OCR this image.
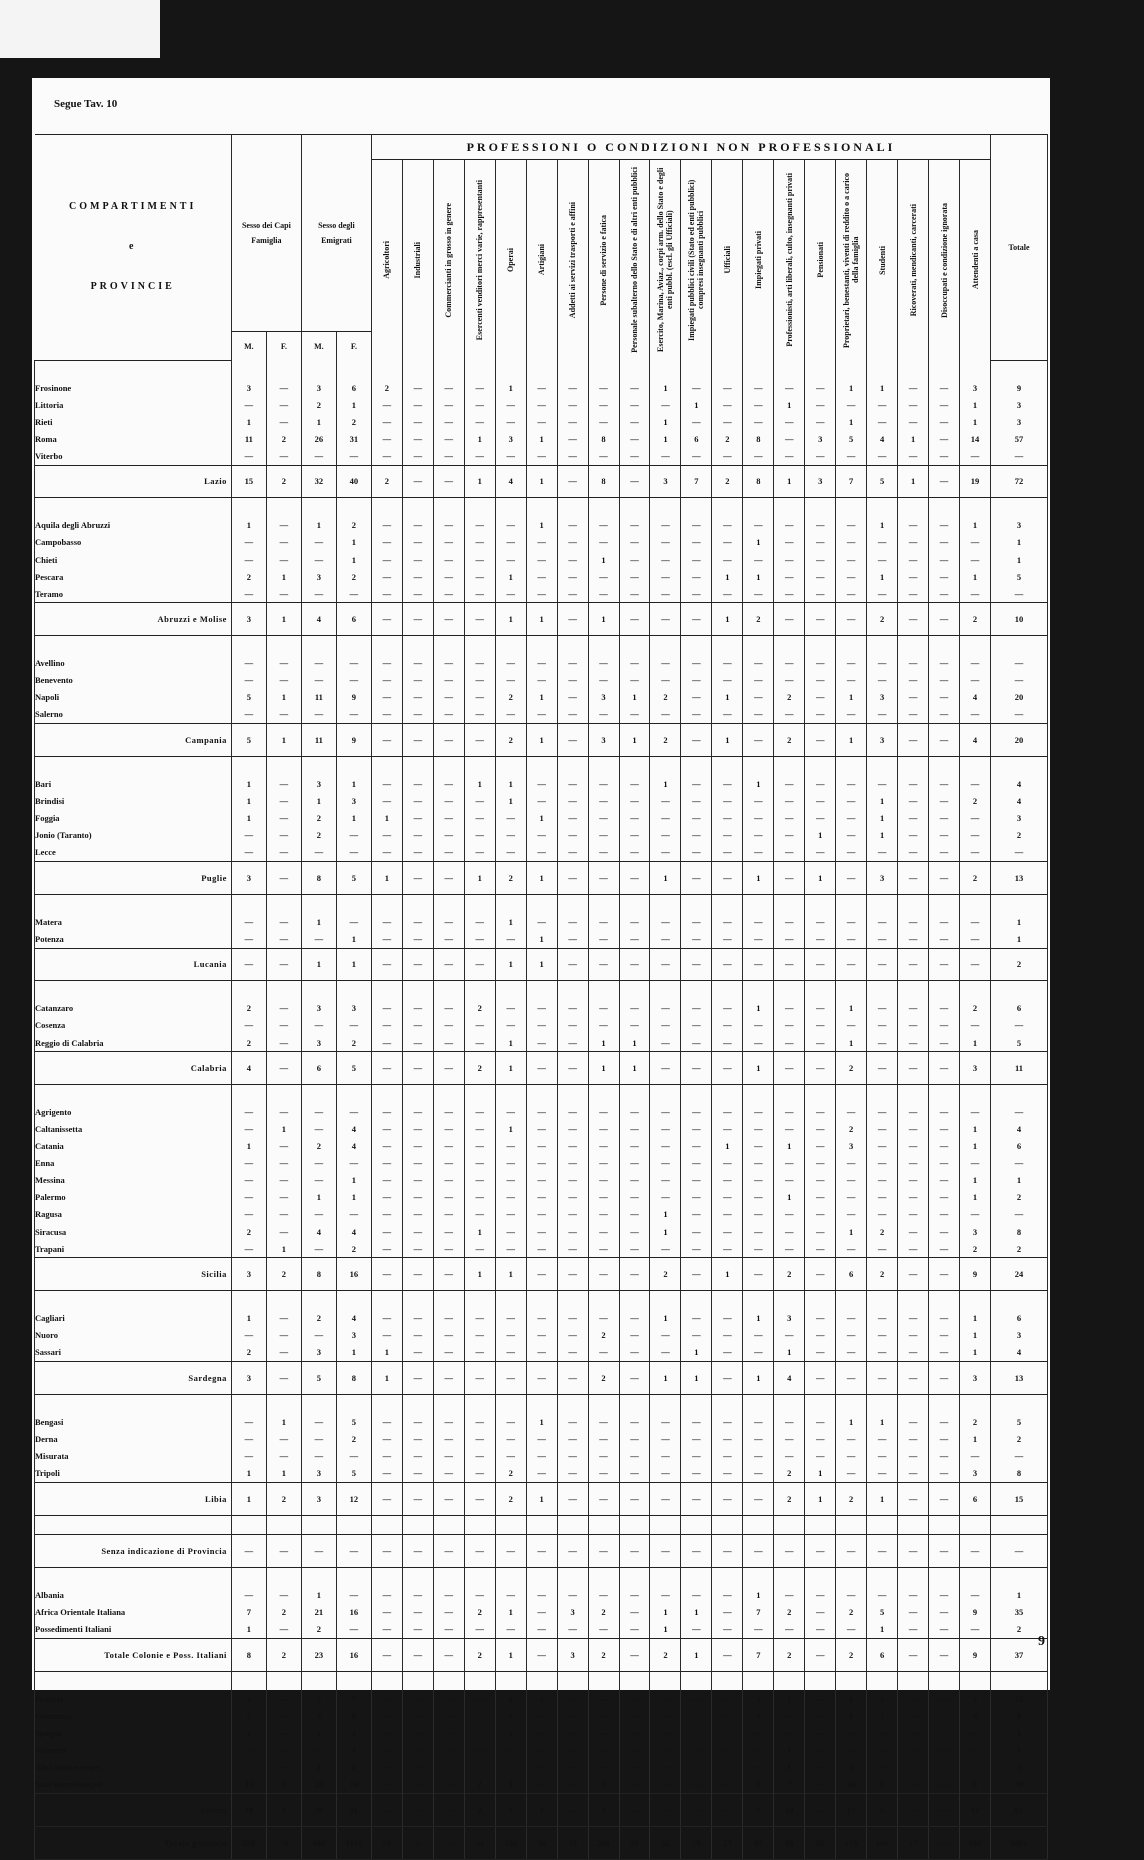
Segue Tav. 10
COMPARTIMENTI
e
PROVINCIE	Sesso dei Capi Famiglia		Sesso degli Emigrati		PROFESSIONI O CONDIZIONI NON PROFESSIONALI																				Totale

					Agricoltori	Industriali	Commercianti in grosso in genere	Esercenti venditori merci varie, rappresentanti	Operai	Artigiani	Addetti ai servizi trasporti e affini	Persone di servizio e fatica	Personale subalterno dello Stato e di altri enti pubblici	Esercito, Marina, Aviaz., corpi arm. dello Stato e degli enti pubbl. (escl. gli Ufficiali)	Impiegati pubblici civili (Stato ed enti pubblici) compresi insegnanti pubblici	Ufficiali	Impiegati privati	Professionisti, arti liberali, culto, insegnanti privati	Pensionati	Proprietari, benestanti, viventi di reddito o a carico della famiglia	Studenti	Ricoverati, mendicanti, carcerati	Disoccupati e condizione ignorata	Attendenti a casa	

	M.	F.	M.	F.																					

Frosinone	3	—	3	6	2	—	—	—	1	—	—	—	—	1	—	—	—	—	—	1	1	—	—	3	9
Littoria	—	—	2	1	—	—	—	—	—	—	—	—	—	—	1	—	—	1	—	—	—	—	—	1	3
Rieti	1	—	1	2	—	—	—	—	—	—	—	—	—	1	—	—	—	—	—	1	—	—	—	1	3
Roma	11	2	26	31	—	—	—	1	3	1	—	8	—	1	6	2	8	—	3	5	4	1	—	14	57
Viterbo	—	—	—	—	—	—	—	—	—	—	—	—	—	—	—	—	—	—	—	—	—	—	—	—	—
Lazio	15	2	32	40	2	—	—	1	4	1	—	8	—	3	7	2	8	1	3	7	5	1	—	19	72

Aquila degli Abruzzi	1	—	1	2	—	—	—	—	—	1	—	—	—	—	—	—	—	—	—	—	1	—	—	1	3
Campobasso	—	—	—	1	—	—	—	—	—	—	—	—	—	—	—	—	1	—	—	—	—	—	—	—	1
Chieti	—	—	—	1	—	—	—	—	—	—	—	1	—	—	—	—	—	—	—	—	—	—	—	—	1
Pescara	2	1	3	2	—	—	—	—	1	—	—	—	—	—	—	1	1	—	—	—	1	—	—	1	5
Teramo	—	—	—	—	—	—	—	—	—	—	—	—	—	—	—	—	—	—	—	—	—	—	—	—	—
Abruzzi e Molise	3	1	4	6	—	—	—	—	1	1	—	1	—	—	—	1	2	—	—	—	2	—	—	2	10

Avellino	—	—	—	—	—	—	—	—	—	—	—	—	—	—	—	—	—	—	—	—	—	—	—	—	—
Benevento	—	—	—	—	—	—	—	—	—	—	—	—	—	—	—	—	—	—	—	—	—	—	—	—	—
Napoli	5	1	11	9	—	—	—	—	2	1	—	3	1	2	—	1	—	2	—	1	3	—	—	4	20
Salerno	—	—	—	—	—	—	—	—	—	—	—	—	—	—	—	—	—	—	—	—	—	—	—	—	—
Campania	5	1	11	9	—	—	—	—	2	1	—	3	1	2	—	1	—	2	—	1	3	—	—	4	20

Bari	1	—	3	1	—	—	—	1	1	—	—	—	—	1	—	—	1	—	—	—	—	—	—	—	4
Brindisi	1	—	1	3	—	—	—	—	1	—	—	—	—	—	—	—	—	—	—	—	1	—	—	2	4
Foggia	1	—	2	1	1	—	—	—	—	1	—	—	—	—	—	—	—	—	—	—	1	—	—	—	3
Jonio (Taranto)	—	—	2	—	—	—	—	—	—	—	—	—	—	—	—	—	—	—	1	—	1	—	—	—	2
Lecce	—	—	—	—	—	—	—	—	—	—	—	—	—	—	—	—	—	—	—	—	—	—	—	—	—
Puglie	3	—	8	5	1	—	—	1	2	1	—	—	—	1	—	—	1	—	1	—	3	—	—	2	13

Matera	—	—	1	—	—	—	—	—	1	—	—	—	—	—	—	—	—	—	—	—	—	—	—	—	1
Potenza	—	—	—	1	—	—	—	—	—	1	—	—	—	—	—	—	—	—	—	—	—	—	—	—	1
Lucania	—	—	1	1	—	—	—	—	1	1	—	—	—	—	—	—	—	—	—	—	—	—	—	—	2

Catanzaro	2	—	3	3	—	—	—	2	—	—	—	—	—	—	—	—	1	—	—	1	—	—	—	2	6
Cosenza	—	—	—	—	—	—	—	—	—	—	—	—	—	—	—	—	—	—	—	—	—	—	—	—	—
Reggio di Calabria	2	—	3	2	—	—	—	—	1	—	—	1	1	—	—	—	—	—	—	1	—	—	—	1	5
Calabria	4	—	6	5	—	—	—	2	1	—	—	1	1	—	—	—	1	—	—	2	—	—	—	3	11

Agrigento	—	—	—	—	—	—	—	—	—	—	—	—	—	—	—	—	—	—	—	—	—	—	—	—	—
Caltanissetta	—	1	—	4	—	—	—	—	1	—	—	—	—	—	—	—	—	—	—	2	—	—	—	1	4
Catania	1	—	2	4	—	—	—	—	—	—	—	—	—	—	—	1	—	1	—	3	—	—	—	1	6
Enna	—	—	—	—	—	—	—	—	—	—	—	—	—	—	—	—	—	—	—	—	—	—	—	—	—
Messina	—	—	—	1	—	—	—	—	—	—	—	—	—	—	—	—	—	—	—	—	—	—	—	1	1
Palermo	—	—	1	1	—	—	—	—	—	—	—	—	—	—	—	—	—	1	—	—	—	—	—	1	2
Ragusa	—	—	—	—	—	—	—	—	—	—	—	—	—	1	—	—	—	—	—	—	—	—	—	—	—
Siracusa	2	—	4	4	—	—	—	1	—	—	—	—	—	1	—	—	—	—	—	1	2	—	—	3	8
Trapani	—	1	—	2	—	—	—	—	—	—	—	—	—	—	—	—	—	—	—	—	—	—	—	2	2
Sicilia	3	2	8	16	—	—	—	1	1	—	—	—	—	2	—	1	—	2	—	6	2	—	—	9	24

Cagliari	1	—	2	4	—	—	—	—	—	—	—	—	—	1	—	—	1	3	—	—	—	—	—	1	6
Nuoro	—	—	—	3	—	—	—	—	—	—	—	2	—	—	—	—	—	—	—	—	—	—	—	1	3
Sassari	2	—	3	1	1	—	—	—	—	—	—	—	—	—	1	—	—	1	—	—	—	—	—	1	4
Sardegna	3	—	5	8	1	—	—	—	—	—	—	2	—	1	1	—	1	4	—	—	—	—	—	3	13

Bengasi	—	1	—	5	—	—	—	—	—	1	—	—	—	—	—	—	—	—	—	1	1	—	—	2	5
Derna	—	—	—	2	—	—	—	—	—	—	—	—	—	—	—	—	—	—	—	—	—	—	—	1	2
Misurata	—	—	—	—	—	—	—	—	—	—	—	—	—	—	—	—	—	—	—	—	—	—	—	—	—
Tripoli	1	1	3	5	—	—	—	—	2	—	—	—	—	—	—	—	—	2	1	—	—	—	—	3	8
Libia	1	2	3	12	—	—	—	—	2	1	—	—	—	—	—	—	—	2	1	2	1	—	—	6	15

Senza indicazione di Provincia	—	—	—	—	—	—	—	—	—	—	—	—	—	—	—	—	—	—	—	—	—	—	—	—	—

Albania	—	—	1	—	—	—	—	—	—	—	—	—	—	—	—	—	1	—	—	—	—	—	—	—	1
Africa Orientale Italiana	7	2	21	16	—	—	—	2	1	—	3	2	—	1	1	—	7	2	—	2	5	—	—	9	35
Possedimenti Italiani	1	—	2	—	—	—	—	—	—	—	—	—	—	1	—	—	—	—	—	—	1	—	—	—	2
Totale Colonie e Poss. Italiani	8	2	23	16	—	—	—	2	1	—	3	2	—	2	1	—	7	2	—	2	6	—	—	9	37

Francia	4	—	5	7	—	—	—	—	4	1	—	—	—	—	—	—	2	1	—	1	1	—	—	2	12
Germania	2	—	3	6	—	—	—	—	1	—	—	—	—	—	—	—	1	—	—	1	2	—	—	4	9
Spagna	1	—	1	1	—	—	—	—	1	—	—	—	—	—	—	—	—	—	—	—	—	—	—	—	2
Svizzera	—	—	—	1	—	—	—	—	—	—	—	—	—	—	—	—	—	1	—	—	—	—	—	—	1
Altri Stati europei	—	—	1	2	—	—	—	—	—	—	—	—	—	—	—	—	—	1	—	2	—	—	—	—	3
Stati extra europei	11	1	23	16	—	—	—	2	1	—	—	1	—	—	—	—	3	7	—	16	3	—	—	6	39
Estero	18	2	30	31	—	—	—	2	7	2	—	1	—	—	—	—	6	10	—	17	6	—	—	12	61
Totale generale	329	79	686	1115	29	5	—	34	234	36	10	208	10	32	29	23	93	98	55	175	141	17	—	391	1801
9
